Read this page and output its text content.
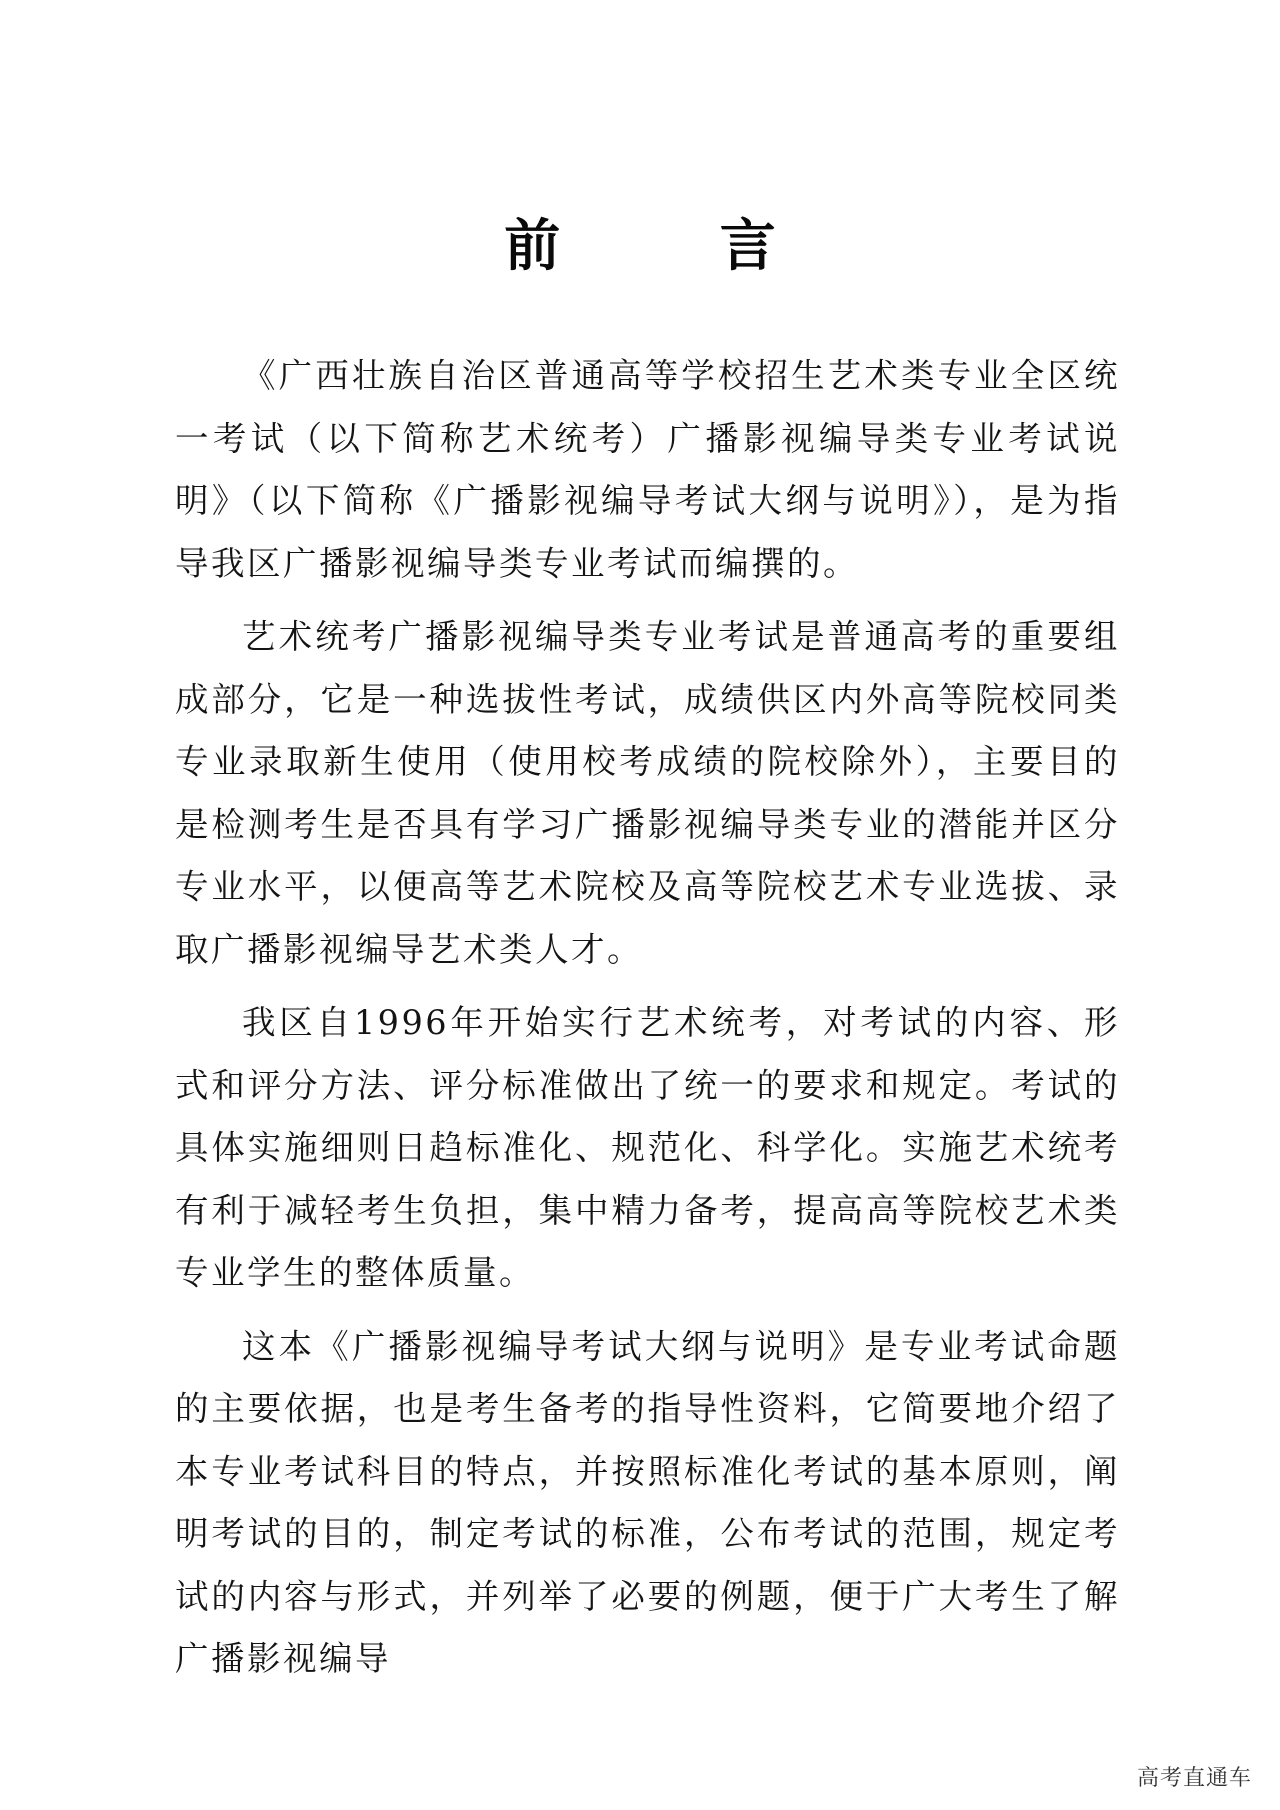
前 言

《广西壮族自治区普通高等学校招生艺术类专业全区统一考试（以下简称艺术统考）广播影视编导类专业考试说明》（以下简称《广播影视编导考试大纲与说明》），是为指导我区广播影视编导类专业考试而编撰的。

艺术统考广播影视编导类专业考试是普通高考的重要组成部分，它是一种选拔性考试，成绩供区内外高等院校同类专业录取新生使用（使用校考成绩的院校除外），主要目的是检测考生是否具有学习广播影视编导类专业的潜能并区分专业水平，以便高等艺术院校及高等院校艺术专业选拔、录取广播影视编导艺术类人才。

我区自1996年开始实行艺术统考，对考试的内容、形式和评分方法、评分标准做出了统一的要求和规定。考试的具体实施细则日趋标准化、规范化、科学化。实施艺术统考有利于减轻考生负担，集中精力备考，提高高等院校艺术类专业学生的整体质量。

这本《广播影视编导考试大纲与说明》是专业考试命题的主要依据，也是考生备考的指导性资料，它简要地介绍了本专业考试科目的特点，并按照标准化考试的基本原则，阐明考试的目的，制定考试的标准，公布考试的范围，规定考试的内容与形式，并列举了必要的例题，便于广大考生了解广播影视编导

高考直通车
